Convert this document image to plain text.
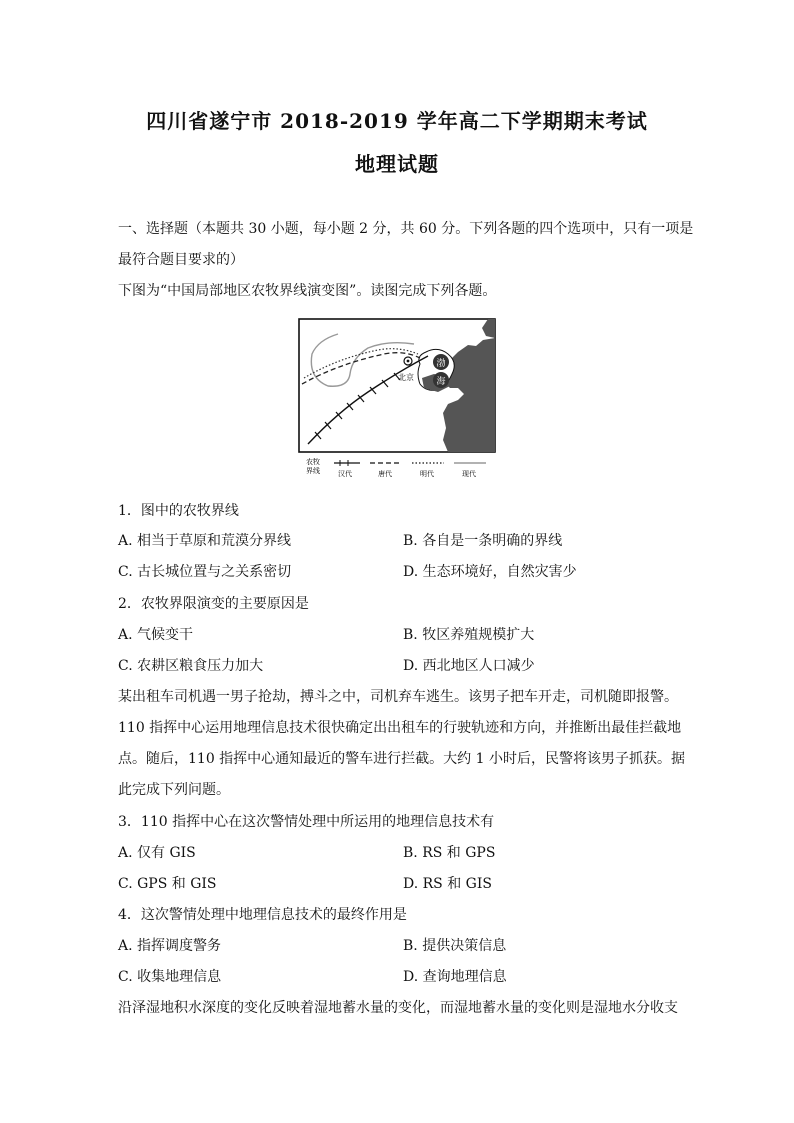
四川省遂宁市 2018-2019 学年高二下学期期末考试
地理试题
一、选择题（本题共 30 小题，每小题 2 分，共 60 分。下列各题的四个选项中，只有一项是
最符合题目要求的）
下图为“中国局部地区农牧界线演变图”。读图完成下列各题。
渤
海
北京
农牧
界线	汉代	唐代	明代	现代
1．图中的农牧界线
A. 相当于草原和荒漠分界线	B. 各自是一条明确的界线
C. 古长城位置与之关系密切	D. 生态环境好，自然灾害少
2．农牧界限演变的主要原因是
A. 气候变干	B. 牧区养殖规模扩大
C. 农耕区粮食压力加大	D. 西北地区人口减少
某出租车司机遇一男子抢劫，搏斗之中，司机弃车逃生。该男子把车开走，司机随即报警。
110 指挥中心运用地理信息技术很快确定出出租车的行驶轨迹和方向，并推断出最佳拦截地
点。随后，110 指挥中心通知最近的警车进行拦截。大约 1 小时后，民警将该男子抓获。据
此完成下列问题。
3．110 指挥中心在这次警情处理中所运用的地理信息技术有
A. 仅有 GIS	B. RS 和 GPS
C. GPS 和 GIS	D. RS 和 GIS
4．这次警情处理中地理信息技术的最终作用是
A. 指挥调度警务	B. 提供决策信息
C. 收集地理信息	D. 查询地理信息
沿泽湿地积水深度的变化反映着湿地蓄水量的变化，而湿地蓄水量的变化则是湿地水分收支
